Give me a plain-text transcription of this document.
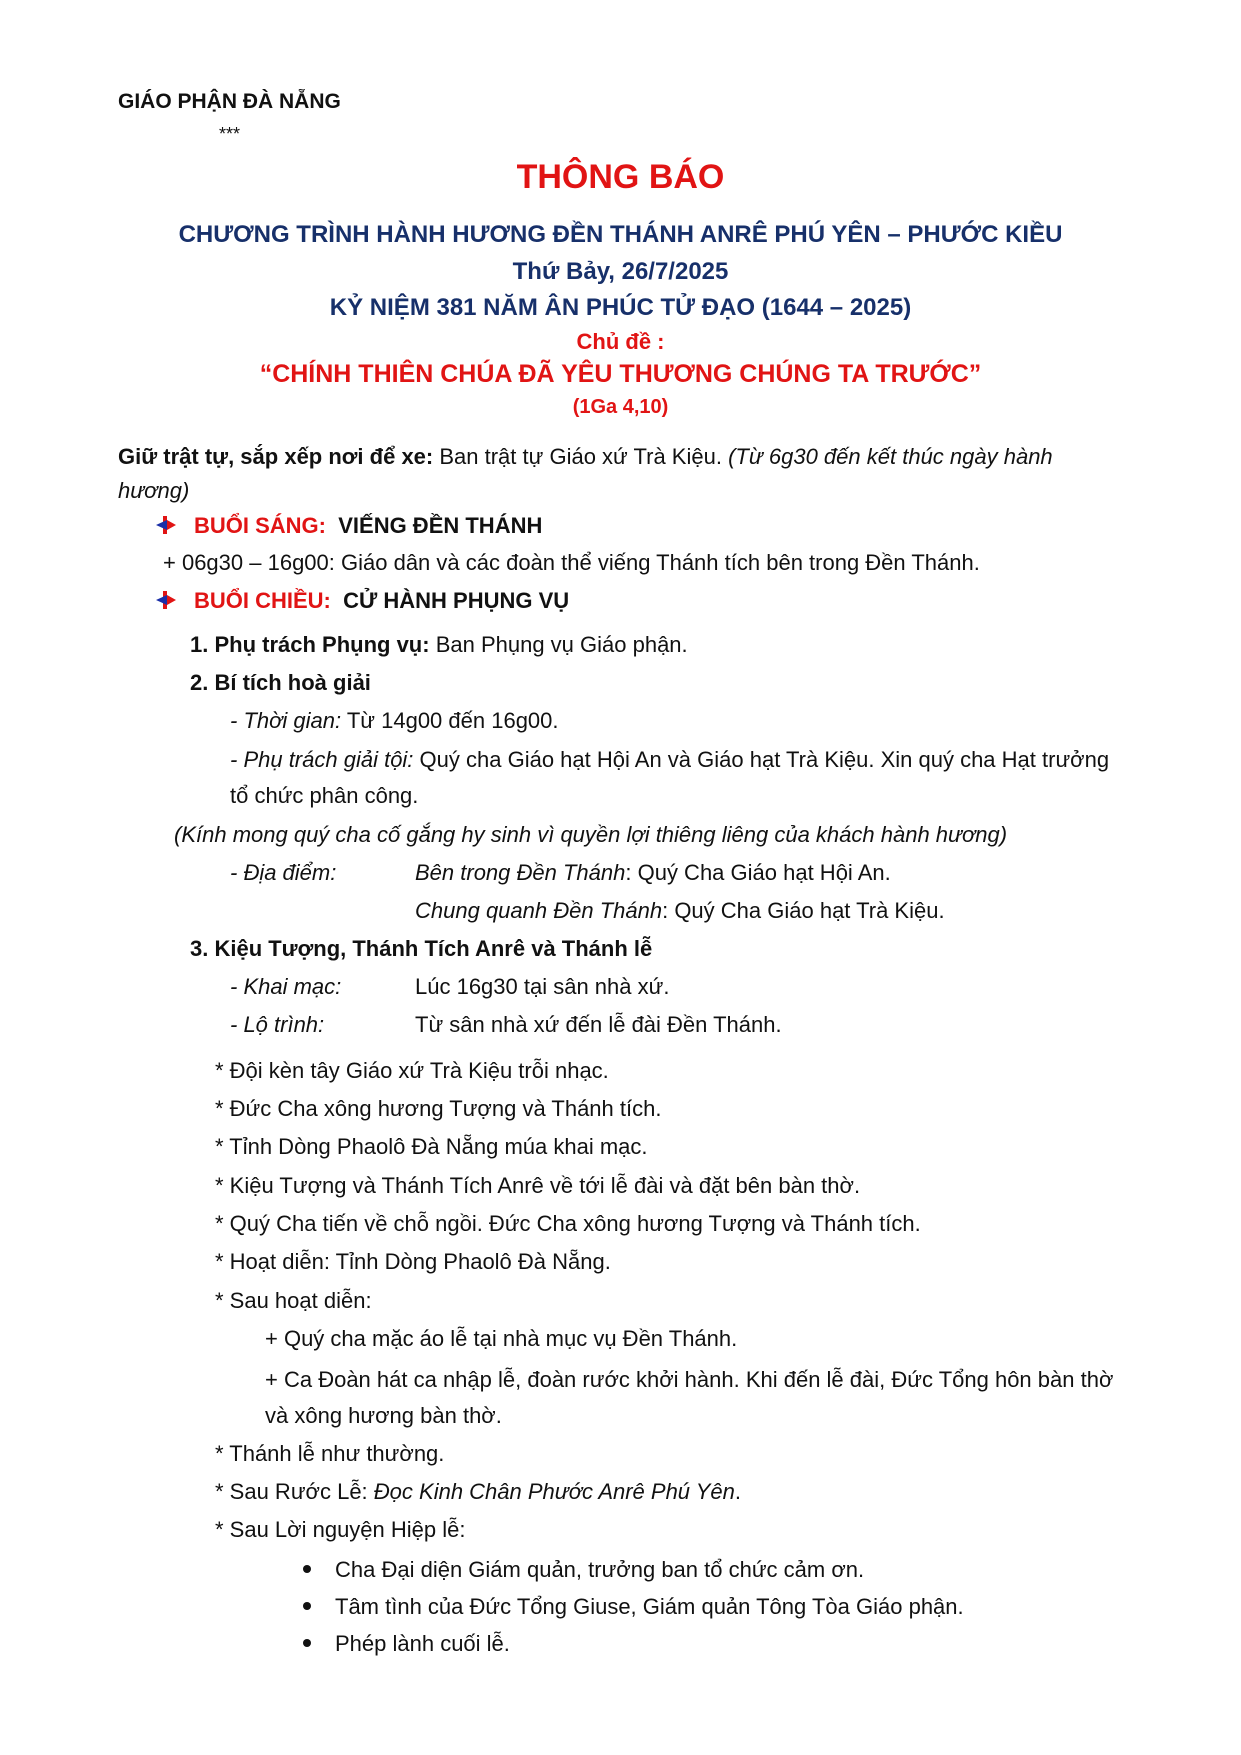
GIÁO PHẬN ĐÀ NẴNG
***
THÔNG BÁO
CHƯƠNG TRÌNH HÀNH HƯƠNG ĐỀN THÁNH ANRÊ PHÚ YÊN – PHƯỚC KIỀU
Thứ Bảy, 26/7/2025
KỶ NIỆM 381 NĂM ÂN PHÚC TỬ ĐẠO (1644 – 2025)
Chủ đề :
“CHÍNH THIÊN CHÚA ĐÃ YÊU THƯƠNG CHÚNG TA TRƯỚC”
(1Ga 4,10)
Giữ trật tự, sắp xếp nơi để xe: Ban trật tự Giáo xứ Trà Kiệu. (Từ 6g30 đến kết thúc ngày hành hương)
BUỔI SÁNG: VIẾNG ĐỀN THÁNH
+ 06g30 – 16g00: Giáo dân và các đoàn thể viếng Thánh tích bên trong Đền Thánh.
BUỔI CHIỀU: CỬ HÀNH PHỤNG VỤ
1. Phụ trách Phụng vụ: Ban Phụng vụ Giáo phận.
2. Bí tích hoà giải
- Thời gian: Từ 14g00 đến 16g00.
- Phụ trách giải tội: Quý cha Giáo hạt Hội An và Giáo hạt Trà Kiệu. Xin quý cha Hạt trưởng tổ chức phân công.
(Kính mong quý cha cố gắng hy sinh vì quyền lợi thiêng liêng của khách hành hương)
- Địa điểm:	Bên trong Đền Thánh: Quý Cha Giáo hạt Hội An.
Chung quanh Đền Thánh: Quý Cha Giáo hạt Trà Kiệu.
3. Kiệu Tượng, Thánh Tích Anrê và Thánh lễ
- Khai mạc:	Lúc 16g30 tại sân nhà xứ.
- Lộ trình:	Từ sân nhà xứ đến lễ đài Đền Thánh.
* Đội kèn tây Giáo xứ Trà Kiệu trỗi nhạc.
* Đức Cha xông hương Tượng và Thánh tích.
* Tỉnh Dòng Phaolô Đà Nẵng múa khai mạc.
* Kiệu Tượng và Thánh Tích Anrê về tới lễ đài và đặt bên bàn thờ.
* Quý Cha tiến về chỗ ngồi. Đức Cha xông hương Tượng và Thánh tích.
* Hoạt diễn: Tỉnh Dòng Phaolô Đà Nẵng.
* Sau hoạt diễn:
+ Quý cha mặc áo lễ tại nhà mục vụ Đền Thánh.
+ Ca Đoàn hát ca nhập lễ, đoàn rước khởi hành. Khi đến lễ đài, Đức Tổng hôn bàn thờ và xông hương bàn thờ.
* Thánh lễ như thường.
* Sau Rước Lễ: Đọc Kinh Chân Phước Anrê Phú Yên.
* Sau Lời nguyện Hiệp lễ:
Cha Đại diện Giám quản, trưởng ban tổ chức cảm ơn.
Tâm tình của Đức Tổng Giuse, Giám quản Tông Tòa Giáo phận.
Phép lành cuối lễ.
